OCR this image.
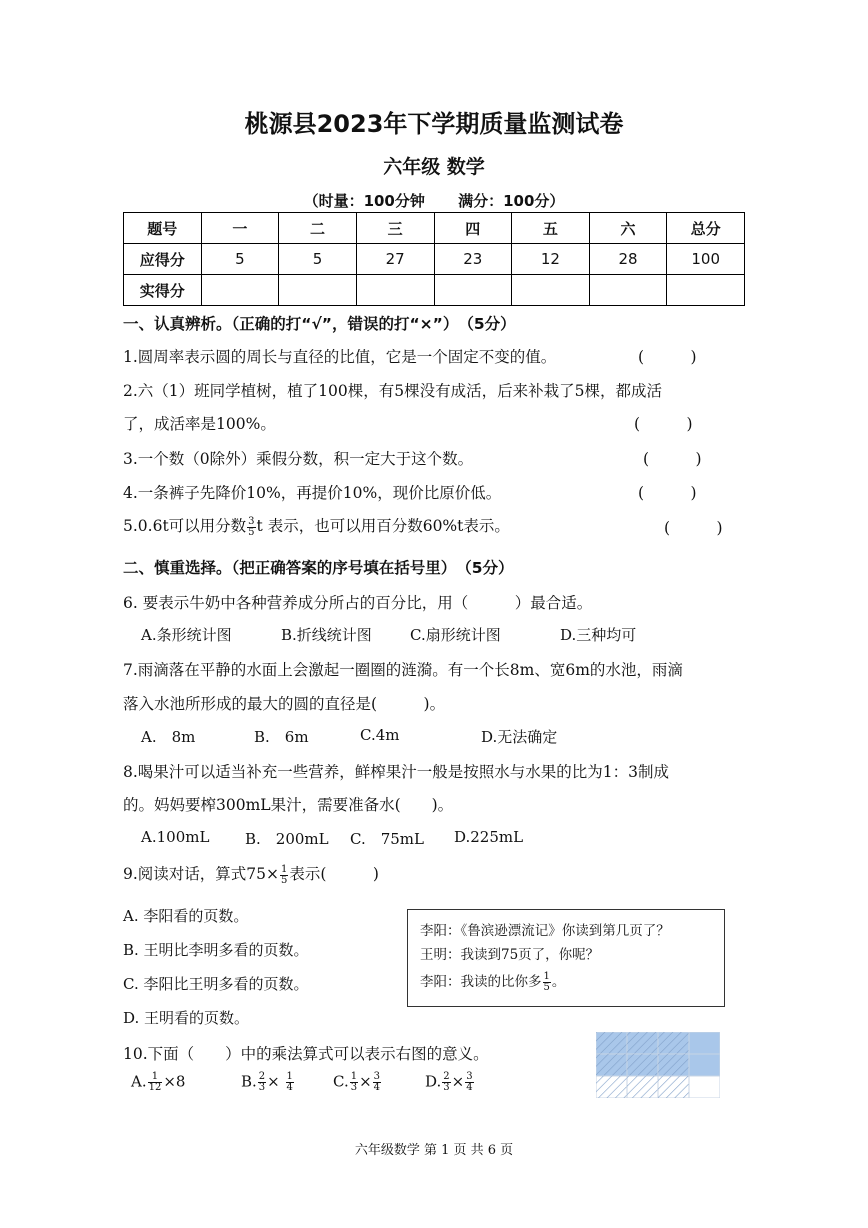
桃源县2023年下学期质量监测试卷
六年级 数学
（时量：100分钟 满分：100分）
题号	一	二	三	四	五	六	总分
应得分	5	5	27	23	12	28	100
实得分							
一、认真辨析。（正确的打“√”，错误的打“×”）　（5分）
1.圆周率表示圆的周长与直径的比值，它是一个固定不变的值。	(　　　)
2.六（1）班同学植树，植了100棵，有5棵没有成活，后来补栽了5棵，都成活
了，成活率是100%。	(　　　)
3.一个数（0除外）乘假分数，积一定大于这个数。	(　　　)
4.一条裤子先降价10%，再提价10%，现价比原价低。	(　　　)
5.0.6t可以用分数 $\frac{3}{5}$ t 表示，也可以用百分数60%t表示。	(　　　)
二、慎重选择。（把正确答案的序号填在括号里）　（5分）
6. 要表示牛奶中各种营养成分所占的百分比，用（　　　）最合适。
A.条形统计图	B.折线统计图	C.扇形统计图	D.三种均可
7.雨滴落在平静的水面上会激起一圈圈的涟漪。有一个长8m、宽6m的水池，雨滴
落入水池所形成的最大的圆的直径是(　　　)。
A.　8m	B.　6m	C.4m	D.无法确定
8.喝果汁可以适当补充一些营养，鲜榨果汁一般是按照水与水果的比为1：3制成
的。妈妈要榨300mL果汁，需要准备水(　　)。
A.100mL B.　200mL C.　75mL D.225mL
9.阅读对话，算式$75\times \frac{1}{5}$ 表示(　　　)
A. 李阳看的页数。
B. 王明比李明多看的页数。
C. 李阳比王明多看的页数。
D. 王明看的页数。
李阳：《鲁滨逊漂流记》你读到第几页了？
王明：我读到75页了，你呢？
李阳：我读的比你多 $\frac{1}{5}$ 。
10.下面（　　）中的乘法算式可以表示右图的意义。
A. $\frac{1}{12} \times 8$	B. $\frac{2}{3} \times \frac{1}{4}$	C. $\frac{1}{3} \times \frac{3}{4}$	D. $\frac{2}{3} \times \frac{3}{4}$
六年级数学 第 1 页 共 6 页
